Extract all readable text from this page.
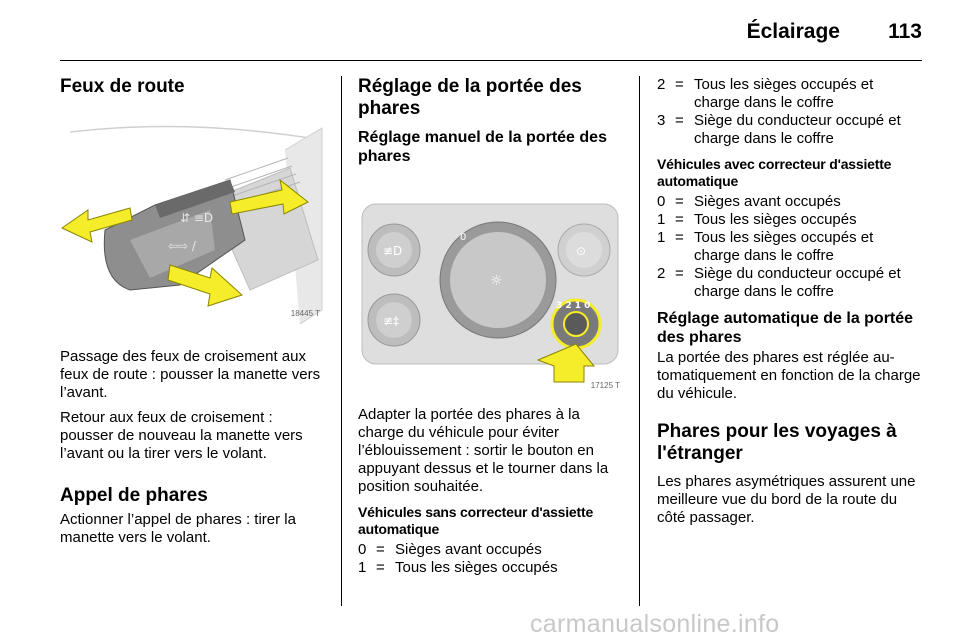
Éclairage 113
Feux de route
⇵ ≡D
⇦⇨ /
18445 T

Passage des feux de croisement aux feux de route : pousser la manette vers l’avant.

Retour aux feux de croisement : pousser de nouveau la manette vers l’avant ou la tirer vers le volant.

Appel de phares

Actionner l’appel de phares : tirer la manette vers le volant.

Réglage de la portée des phares
Réglage manuel de la portée des phares
≢D
≢‡
☼
0
⊙
3 2 1 0
17125 T

Adapter la portée des phares à la charge du véhicule pour éviter l’éblouissement : sortir le bouton en appuyant dessus et le tourner dans la position souhaitée.

Véhicules sans correcteur d'assiette automatique
0 = Sièges avant occupés
1 = Tous les sièges occupés
2 = Tous les sièges occupés et charge dans le coffre
3 = Siège du conducteur occupé et charge dans le coffre
Véhicules avec correcteur d'assiette automatique
0 = Sièges avant occupés
1 = Tous les sièges occupés
1 = Tous les sièges occupés et charge dans le coffre
2 = Siège du conducteur occupé et charge dans le coffre
Réglage automatique de la portée des phares

La portée des phares est réglée au-tomatiquement en fonction de la charge du véhicule.

Phares pour les voyages à l'étranger

Les phares asymétriques assurent une meilleure vue du bord de la route du côté passager.

carmanualsonline.info
